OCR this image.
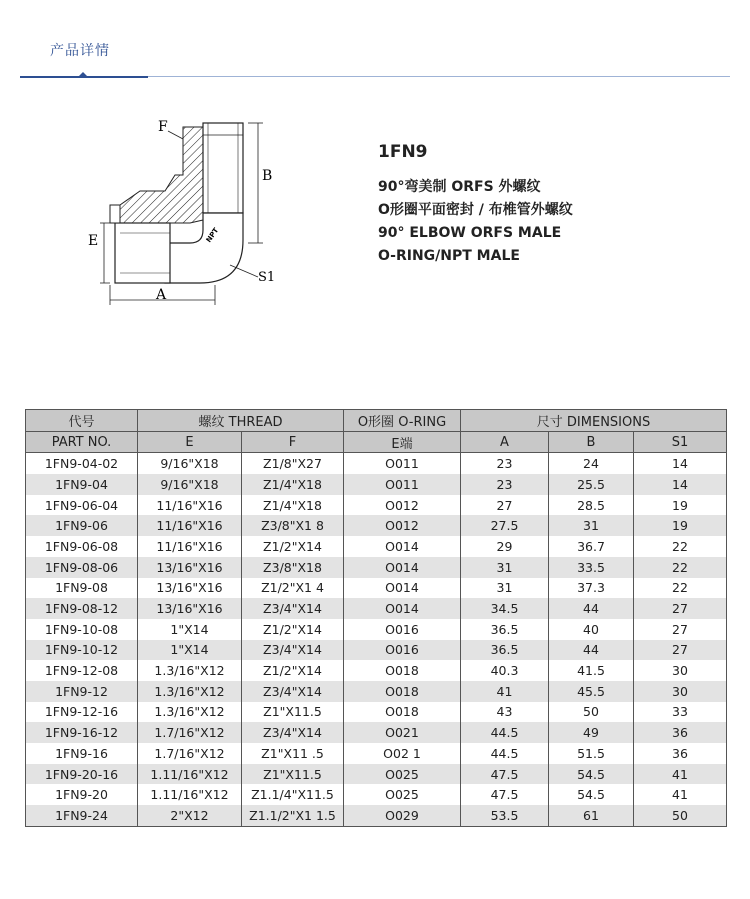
产品详情
F
B
E
A
S1
NPT
1FN9
90°弯美制 ORFS 外螺纹
O形圈平面密封 / 布椎管外螺纹
90° ELBOW ORFS MALE
O-RING/NPT MALE
代号	螺纹 THREAD		O形圈 O-RING	尺寸 DIMENSIONS		
PART NO.	E	F	E端	A	B	S1
1FN9-04-02	9/16"X18	Z1/8"X27	O011	23	24	14
1FN9-04	9/16"X18	Z1/4"X18	O011	23	25.5	14
1FN9-06-04	11/16"X16	Z1/4"X18	O012	27	28.5	19
1FN9-06	11/16"X16	Z3/8"X1 8	O012	27.5	31	19
1FN9-06-08	11/16"X16	Z1/2"X14	O014	29	36.7	22
1FN9-08-06	13/16"X16	Z3/8"X18	O014	31	33.5	22
1FN9-08	13/16"X16	Z1/2"X1 4	O014	31	37.3	22
1FN9-08-12	13/16"X16	Z3/4"X14	O014	34.5	44	27
1FN9-10-08	1"X14	Z1/2"X14	O016	36.5	40	27
1FN9-10-12	1"X14	Z3/4"X14	O016	36.5	44	27
1FN9-12-08	1.3/16"X12	Z1/2"X14	O018	40.3	41.5	30
1FN9-12	1.3/16"X12	Z3/4"X14	O018	41	45.5	30
1FN9-12-16	1.3/16"X12	Z1"X11.5	O018	43	50	33
1FN9-16-12	1.7/16"X12	Z3/4"X14	O021	44.5	49	36
1FN9-16	1.7/16"X12	Z1"X11 .5	O02 1	44.5	51.5	36
1FN9-20-16	1.11/16"X12	Z1"X11.5	O025	47.5	54.5	41
1FN9-20	1.11/16"X12	Z1.1/4"X11.5	O025	47.5	54.5	41
1FN9-24	2"X12	Z1.1/2"X1 1.5	O029	53.5	61	50
